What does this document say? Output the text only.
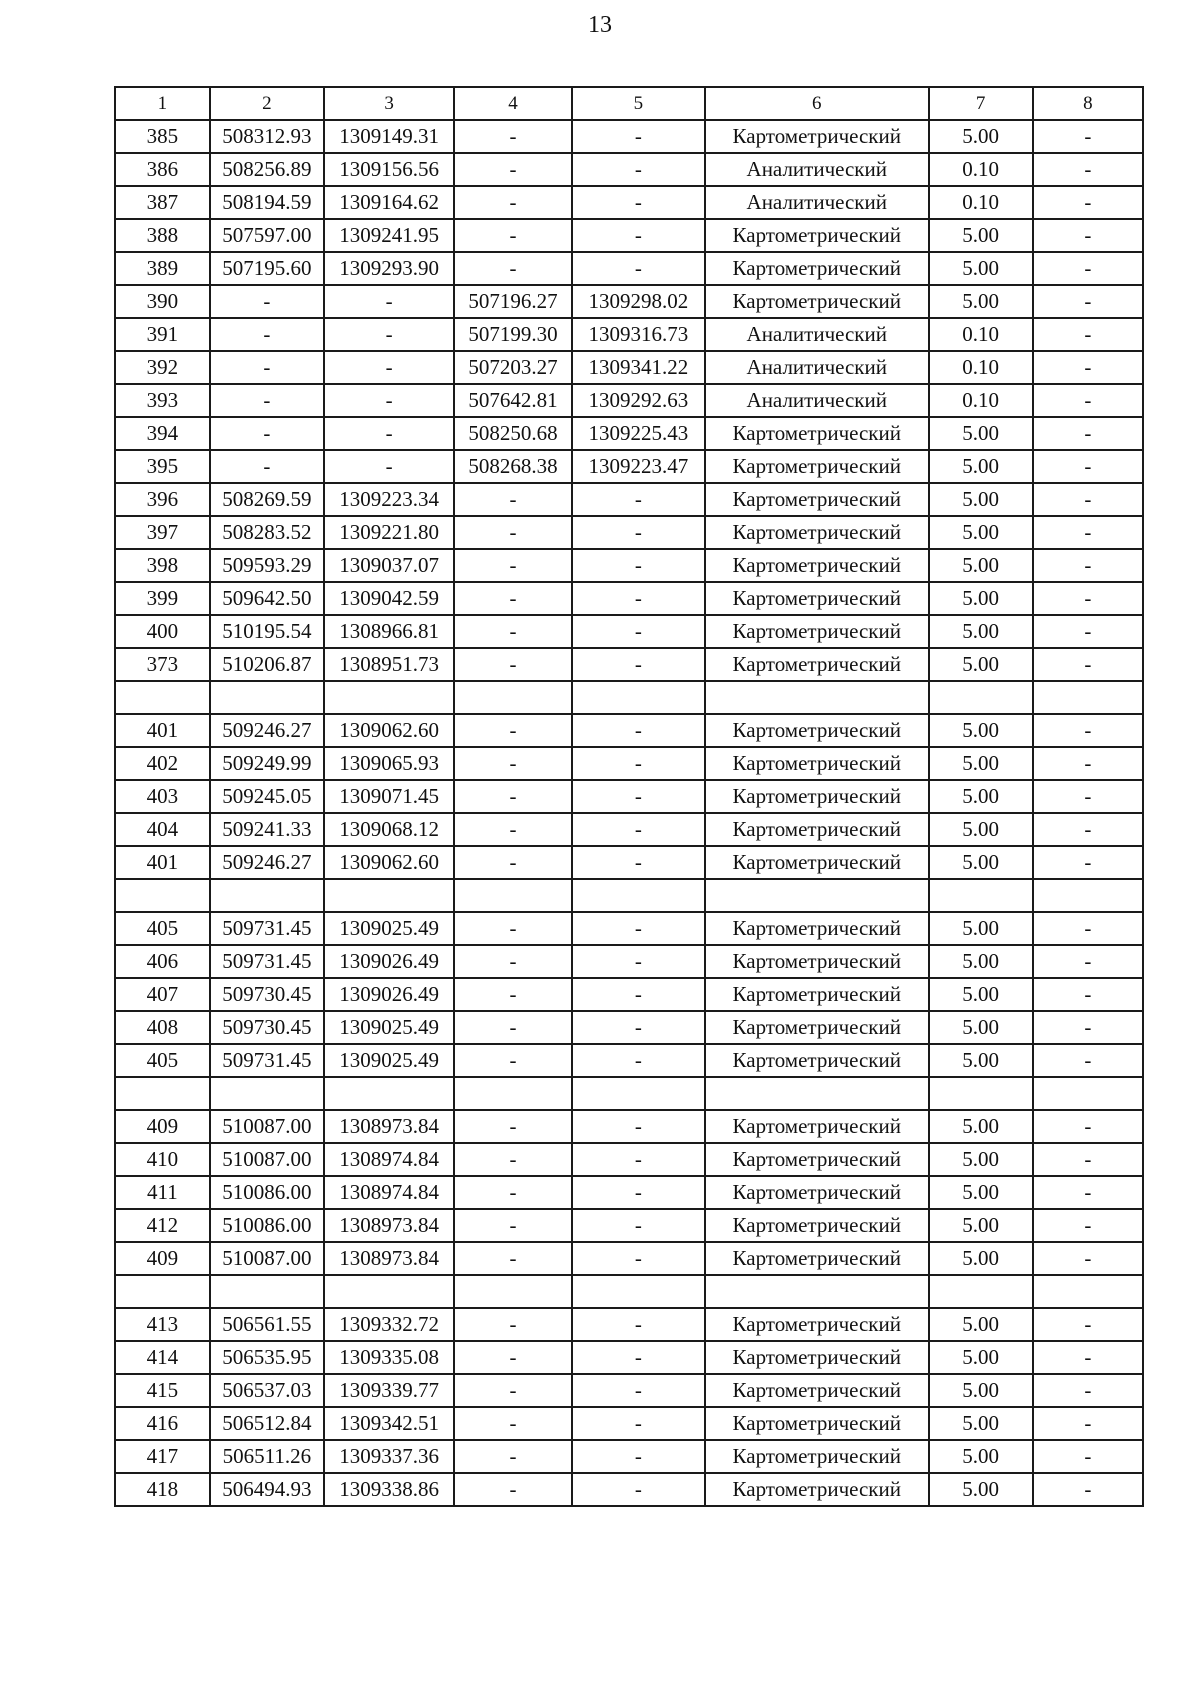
13
1	2	3	4	5	6	7	8
385	508312.93	1309149.31	-	-	Картометрический	5.00	-
386	508256.89	1309156.56	-	-	Аналитический	0.10	-
387	508194.59	1309164.62	-	-	Аналитический	0.10	-
388	507597.00	1309241.95	-	-	Картометрический	5.00	-
389	507195.60	1309293.90	-	-	Картометрический	5.00	-
390	-	-	507196.27	1309298.02	Картометрический	5.00	-
391	-	-	507199.30	1309316.73	Аналитический	0.10	-
392	-	-	507203.27	1309341.22	Аналитический	0.10	-
393	-	-	507642.81	1309292.63	Аналитический	0.10	-
394	-	-	508250.68	1309225.43	Картометрический	5.00	-
395	-	-	508268.38	1309223.47	Картометрический	5.00	-
396	508269.59	1309223.34	-	-	Картометрический	5.00	-
397	508283.52	1309221.80	-	-	Картометрический	5.00	-
398	509593.29	1309037.07	-	-	Картометрический	5.00	-
399	509642.50	1309042.59	-	-	Картометрический	5.00	-
400	510195.54	1308966.81	-	-	Картометрический	5.00	-
373	510206.87	1308951.73	-	-	Картометрический	5.00	-

401	509246.27	1309062.60	-	-	Картометрический	5.00	-
402	509249.99	1309065.93	-	-	Картометрический	5.00	-
403	509245.05	1309071.45	-	-	Картометрический	5.00	-
404	509241.33	1309068.12	-	-	Картометрический	5.00	-
401	509246.27	1309062.60	-	-	Картометрический	5.00	-

405	509731.45	1309025.49	-	-	Картометрический	5.00	-
406	509731.45	1309026.49	-	-	Картометрический	5.00	-
407	509730.45	1309026.49	-	-	Картометрический	5.00	-
408	509730.45	1309025.49	-	-	Картометрический	5.00	-
405	509731.45	1309025.49	-	-	Картометрический	5.00	-

409	510087.00	1308973.84	-	-	Картометрический	5.00	-
410	510087.00	1308974.84	-	-	Картометрический	5.00	-
411	510086.00	1308974.84	-	-	Картометрический	5.00	-
412	510086.00	1308973.84	-	-	Картометрический	5.00	-
409	510087.00	1308973.84	-	-	Картометрический	5.00	-

413	506561.55	1309332.72	-	-	Картометрический	5.00	-
414	506535.95	1309335.08	-	-	Картометрический	5.00	-
415	506537.03	1309339.77	-	-	Картометрический	5.00	-
416	506512.84	1309342.51	-	-	Картометрический	5.00	-
417	506511.26	1309337.36	-	-	Картометрический	5.00	-
418	506494.93	1309338.86	-	-	Картометрический	5.00	-
